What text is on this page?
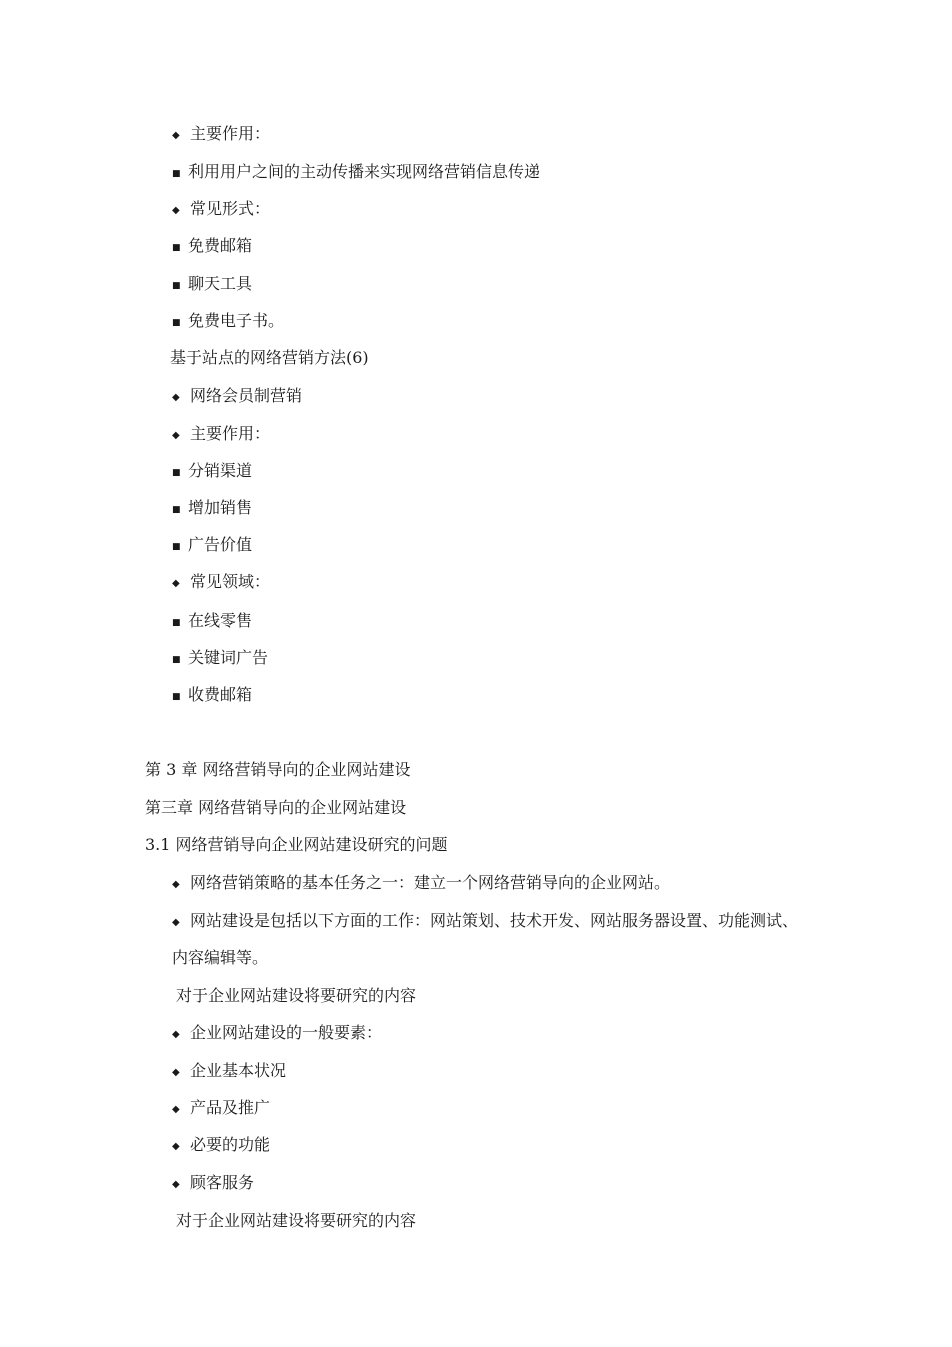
◆ 主要作用：
■ 利用用户之间的主动传播来实现网络营销信息传递
◆ 常见形式：
■ 免费邮箱
■ 聊天工具
■ 免费电子书。
基于站点的网络营销方法(6)
◆ 网络会员制营销
◆ 主要作用：
■ 分销渠道
■ 增加销售
■ 广告价值
◆ 常见领域：
■ 在线零售
■ 关键词广告
■ 收费邮箱
第 3 章 网络营销导向的企业网站建设
第三章 网络营销导向的企业网站建设
3.1 网络营销导向企业网站建设研究的问题
◆ 网络营销策略的基本任务之一：建立一个网络营销导向的企业网站。
◆ 网站建设是包括以下方面的工作：网站策划、技术开发、网站服务器设置、功能测试、
内容编辑等。
对于企业网站建设将要研究的内容
◆ 企业网站建设的一般要素：
◆ 企业基本状况
◆ 产品及推广
◆ 必要的功能
◆ 顾客服务
对于企业网站建设将要研究的内容
